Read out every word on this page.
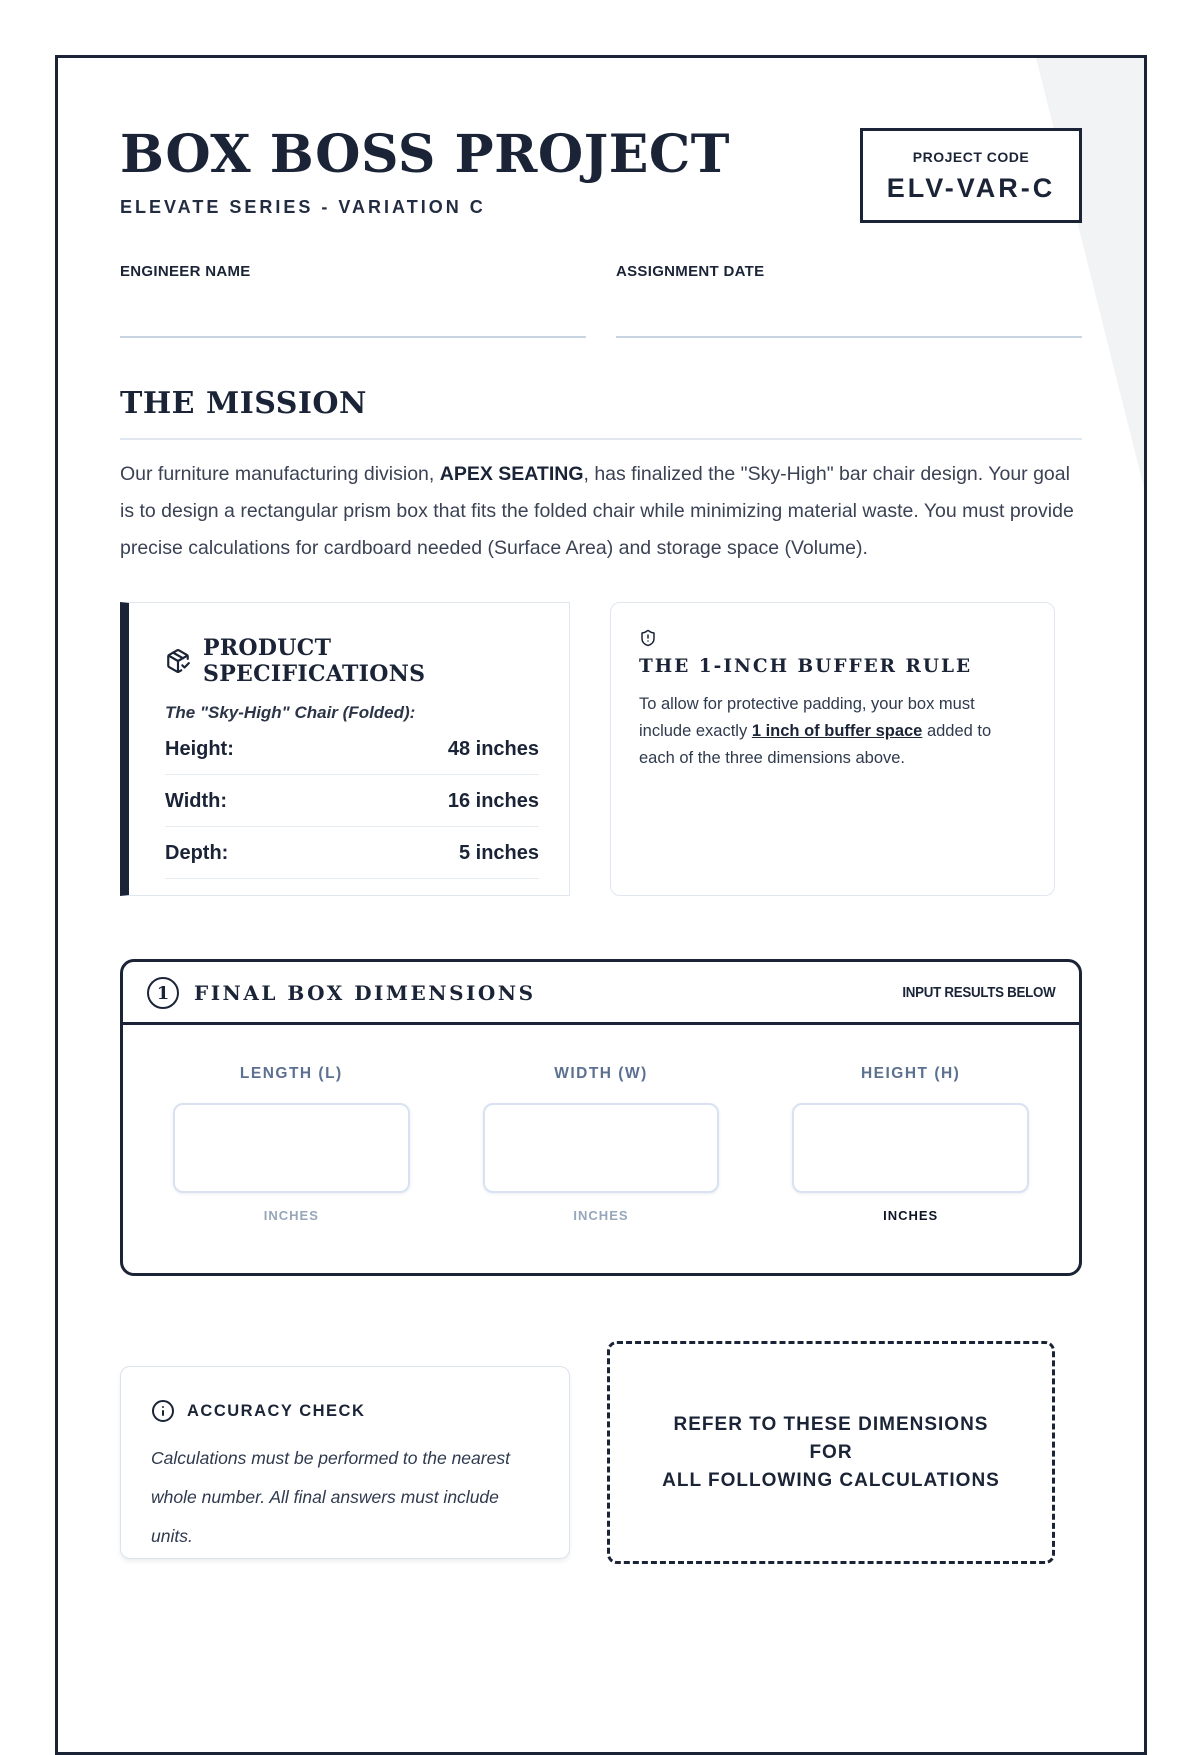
BOX BOSS PROJECT
ELEVATE SERIES - VARIATION C
PROJECT CODE
ELV-VAR-C
ENGINEER NAME	ASSIGNMENT DATE
THE MISSION

Our furniture manufacturing division, APEX SEATING, has finalized the "Sky-High" bar chair design. Your goal is to design a rectangular prism box that fits the folded chair while minimizing material waste. You must provide precise calculations for cardboard needed (Surface Area) and storage space (Volume).

PRODUCT SPECIFICATIONS
The "Sky-High" Chair (Folded):
Height:	48 inches
Width:	16 inches
Depth:	5 inches
THE 1-INCH BUFFER RULE

To allow for protective padding, your box must include exactly 1 inch of buffer space added to each of the three dimensions above.

1	FINAL BOX DIMENSIONS	INPUT RESULTS BELOW
LENGTH (L)
INCHES
WIDTH (W)
INCHES
HEIGHT (H)
INCHES
ACCURACY CHECK

Calculations must be performed to the nearest whole number. All final answers must include units.

REFER TO THESE DIMENSIONS FOR
ALL FOLLOWING CALCULATIONS
